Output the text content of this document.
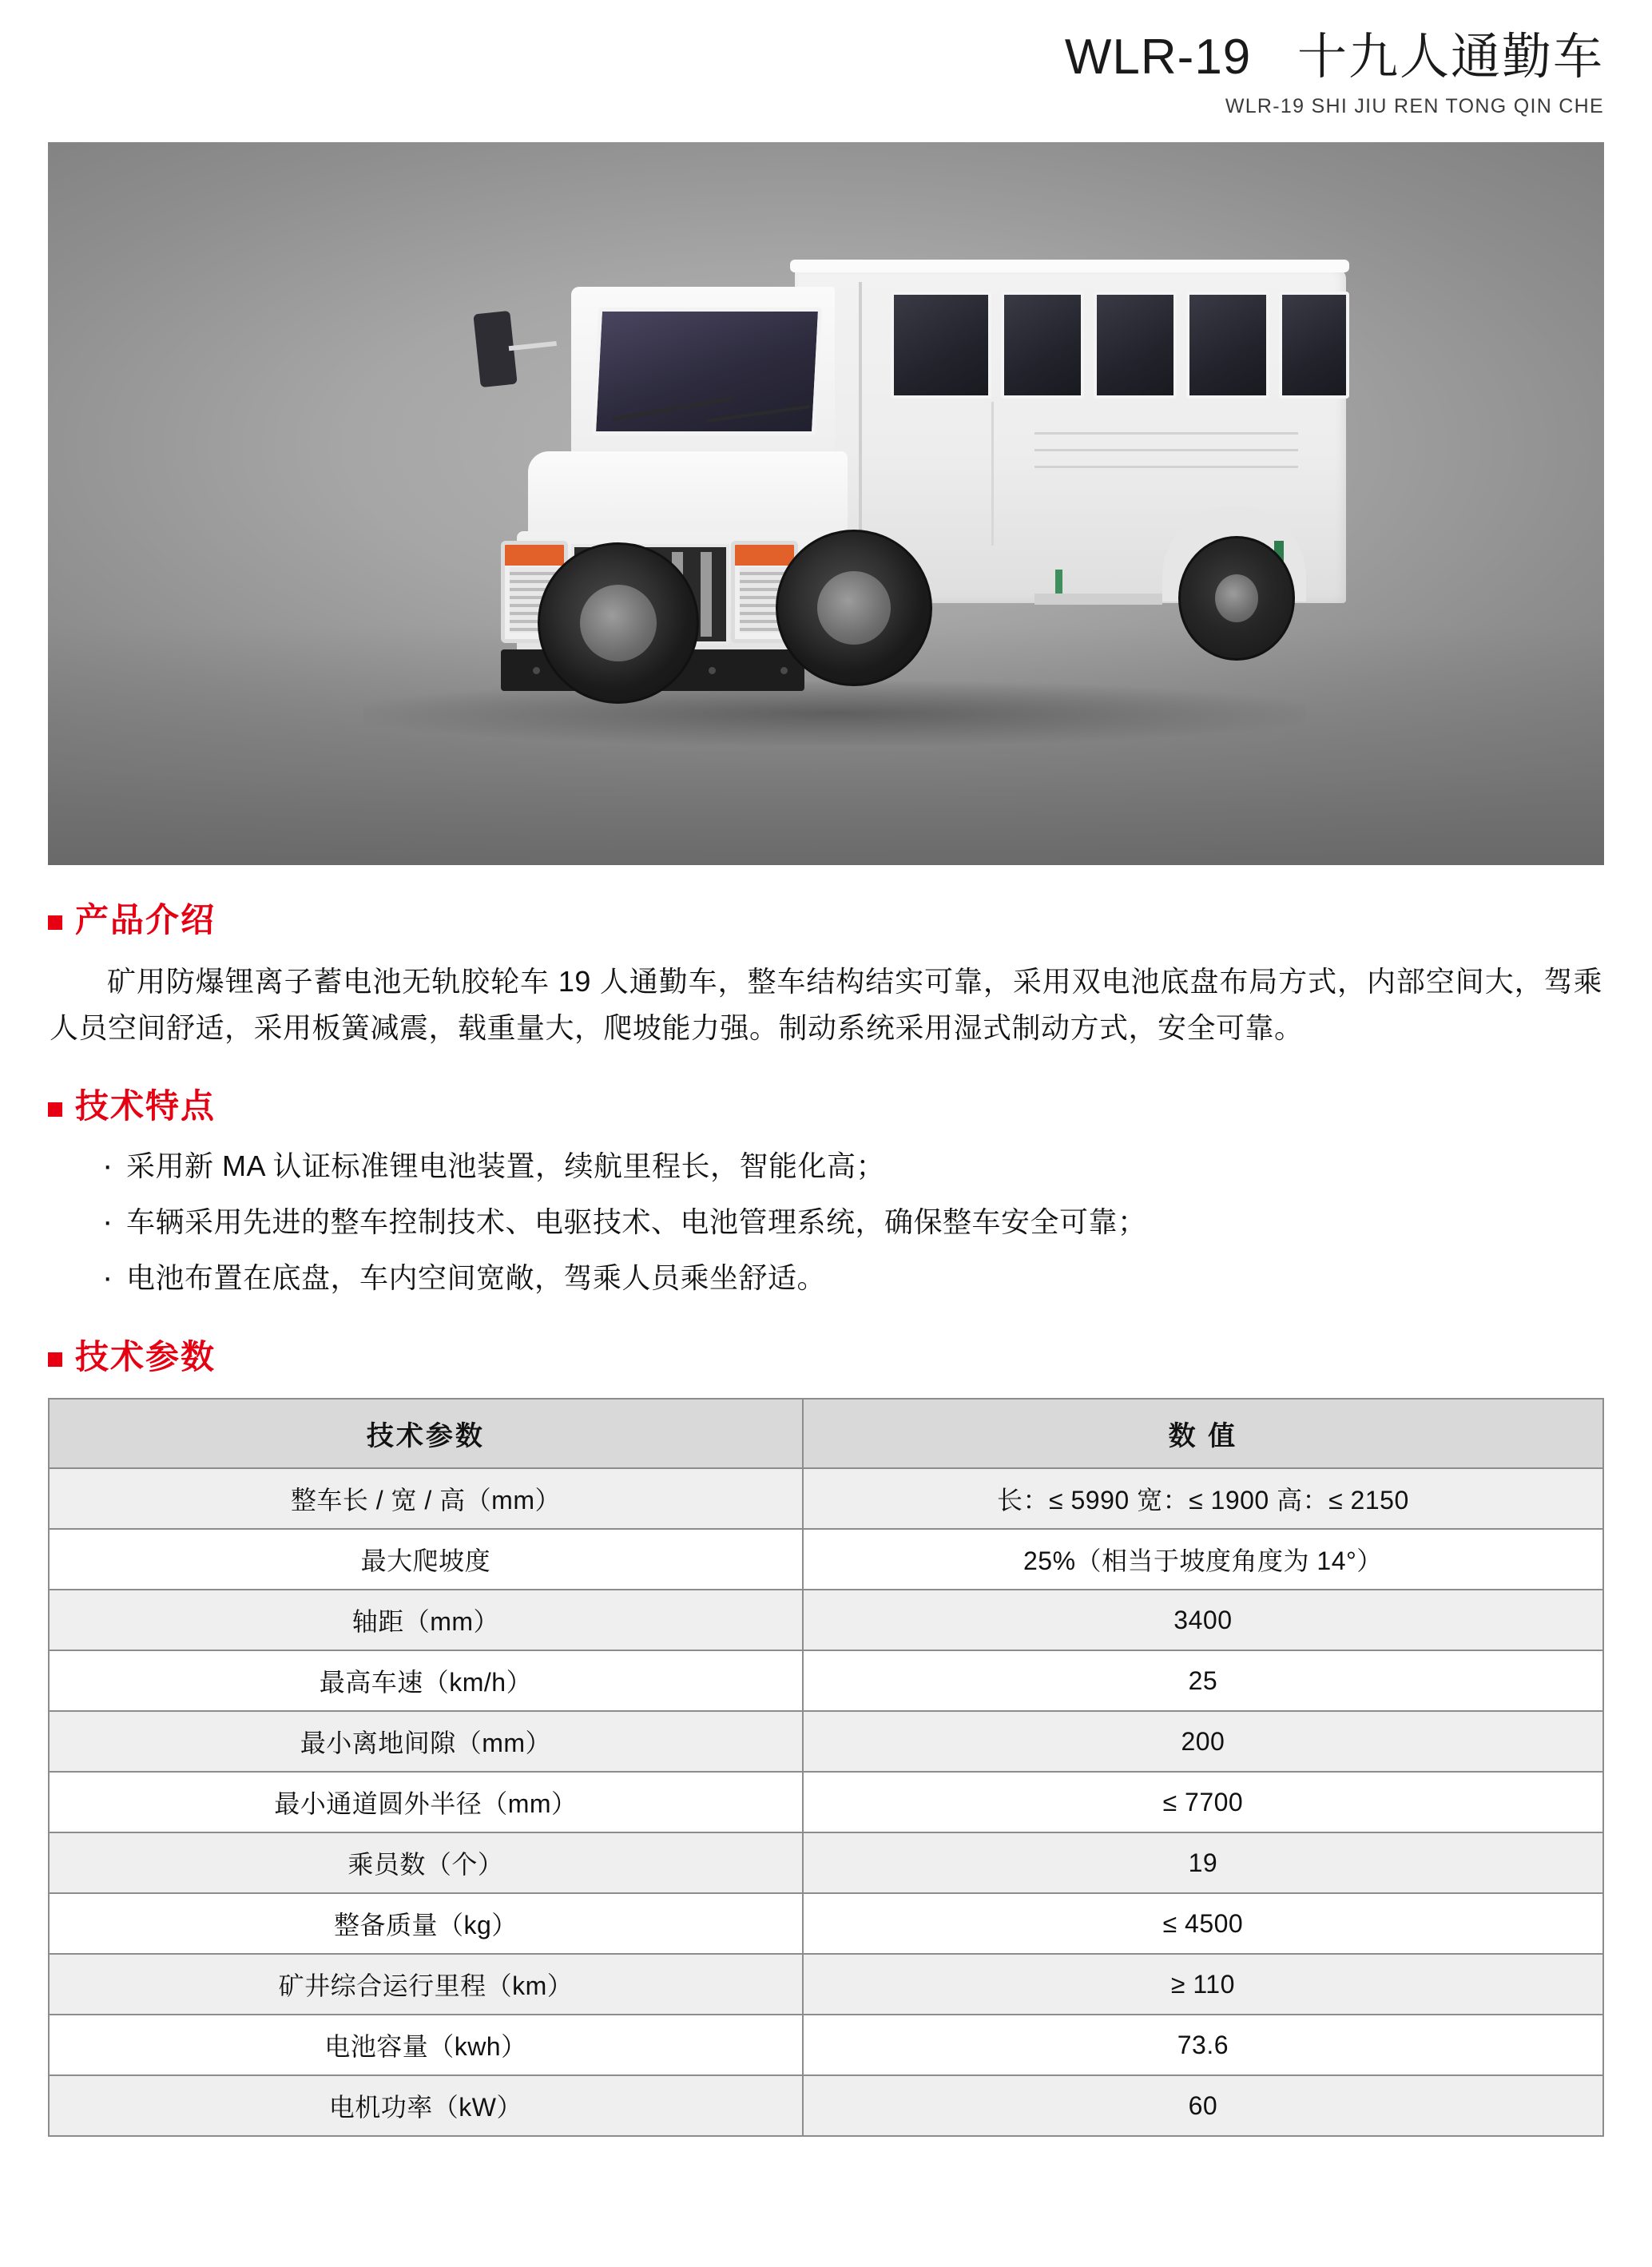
WLR-19 十九人通勤车
WLR-19 SHI JIU REN TONG QIN CHE
产品介绍

矿用防爆锂离子蓄电池无轨胶轮车 19 人通勤车，整车结构结实可靠，采用双电池底盘布局方式，内部空间大，驾乘人员空间舒适，采用板簧减震，载重量大，爬坡能力强。制动系统采用湿式制动方式，安全可靠。

技术特点
· 采用新 MA 认证标准锂电池装置，续航里程长，智能化高；
· 车辆采用先进的整车控制技术、电驱技术、电池管理系统，确保整车安全可靠；
· 电池布置在底盘，车内空间宽敞，驾乘人员乘坐舒适。
技术参数
技术参数	数 值
整车长 / 宽 / 高（mm）	长：≤ 5990 宽：≤ 1900 高：≤ 2150
最大爬坡度	25%（相当于坡度角度为 14°）
轴距（mm）	3400
最高车速（km/h）	25
最小离地间隙（mm）	200
最小通道圆外半径（mm）	≤ 7700
乘员数（个）	19
整备质量（kg）	≤ 4500
矿井综合运行里程（km）	≥ 110
电池容量（kwh）	73.6
电机功率（kW）	60
